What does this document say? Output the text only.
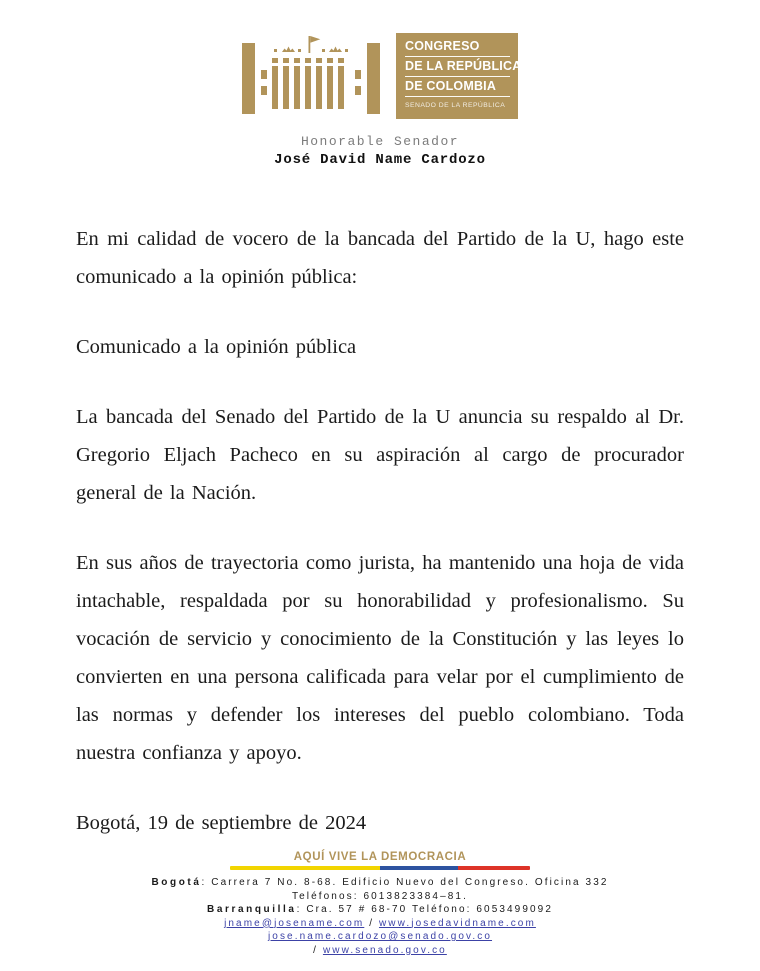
CONGRESO
DE LA REPÚBLICA
DE COLOMBIA
SENADO DE LA REPÚBLICA
Honorable Senador
José David Name Cardozo

En mi calidad de vocero de la bancada del Partido de la U, hago este comunicado a la opinión pública:

Comunicado a la opinión pública

La bancada del Senado del Partido de la U anuncia su respaldo al Dr. Gregorio Eljach Pacheco en su aspiración al cargo de procurador general de la Nación.

En sus años de trayectoria como jurista, ha mantenido una hoja de vida intachable, respaldada por su honorabilidad y profesionalismo. Su vocación de servicio y conocimiento de la Constitución y las leyes lo convierten en una persona calificada para velar por el cumplimiento de las normas y defender los intereses del pueblo colombiano. Toda nuestra confianza y apoyo.

Bogotá, 19 de septiembre de 2024

AQUÍ VIVE LA DEMOCRACIA
Bogotá: Carrera 7 No. 8-68. Edificio Nuevo del Congreso. Oficina 332
Teléfonos: 6013823384–81.
Barranquilla: Cra. 57 # 68-70 Teléfono: 6053499092
jname@josename.com / www.josedavidname.com
jose.name.cardozo@senado.gov.co
/ www.senado.gov.co
